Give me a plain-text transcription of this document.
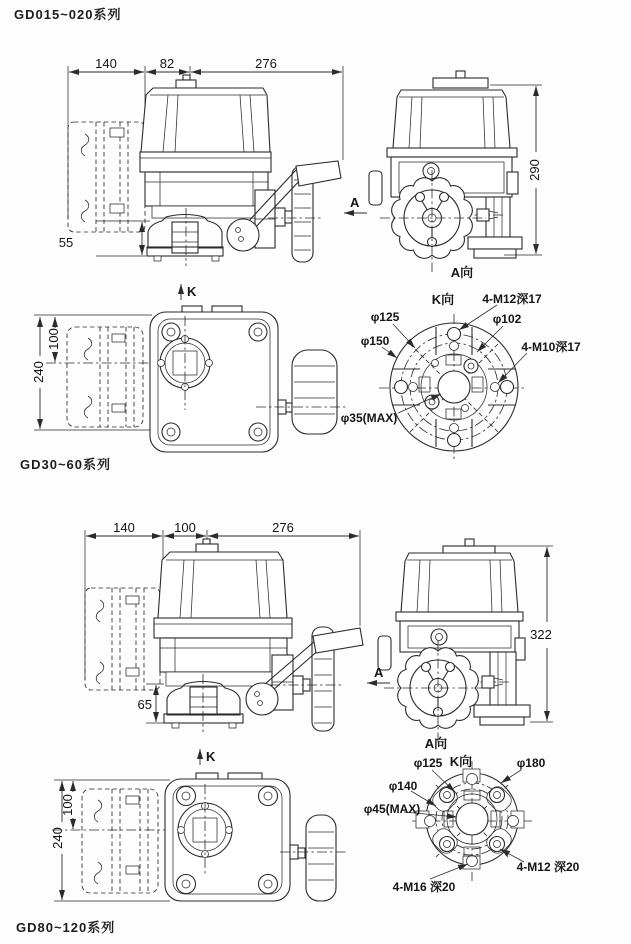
GD015~020系列
GD30~60系列
GD80~120系列
140	82	276
55
K
290
A
A向
240
100
K向 4-M12深17
φ102
φ125
φ150	4-M10深17
φ35(MAX)
140	100	276
65
K
322
A
A向
240
100
K向
φ125	φ180
φ140
φ45(MAX)
4-M16 深20
4-M12 深20
